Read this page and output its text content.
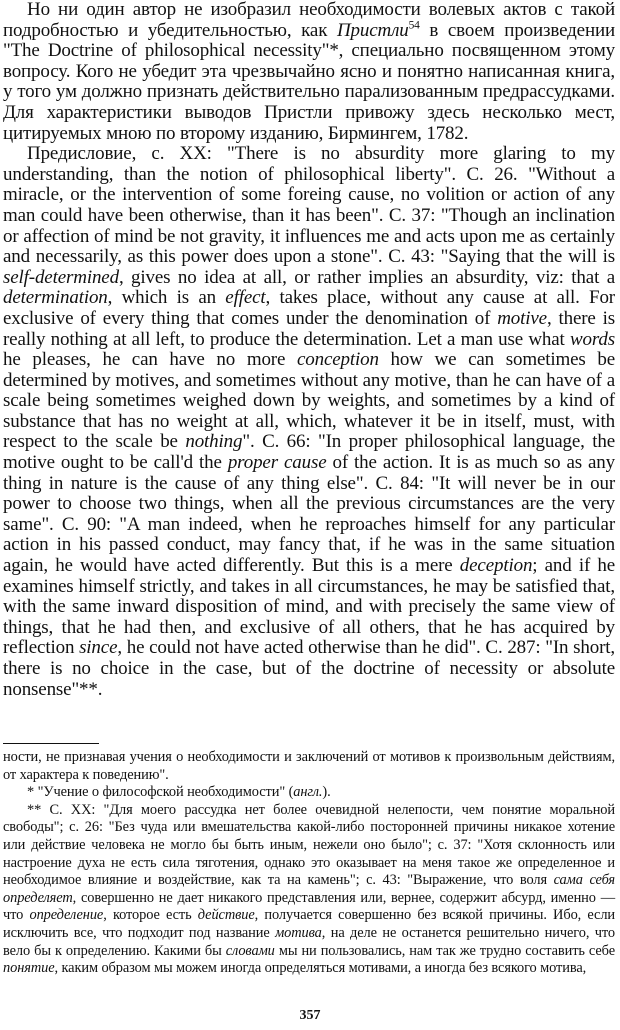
Но ни один автор не изобразил необходимости волевых актов с такой подробностью и убедительностью, как Пристли$^{54}$ в своем произведении "The Doctrine of philosophical necessity"*, специально посвященном этому вопросу. Кого не убедит эта чрезвычайно ясно и понятно написанная книга, у того ум должно признать действительно парализованным предрассудками. Для характеристики выводов Пристли привожу здесь несколько мест, цитируемых мною по второму изданию, Бирмингем, 1782.

Предисловие, с. XX: "There is no absurdity more glaring to my understanding, than the notion of philosophical liberty". С. 26. "Without a miracle, or the intervention of some foreing cause, no volition or action of any man could have been otherwise, than it has been". С. 37: "Though an inclination or affection of mind be not gravity, it influences me and acts upon me as certainly and necessarily, as this power does upon a stone". С. 43: "Saying that the will is self-determined, gives no idea at all, or rather implies an absurdity, viz: that a determination, which is an effect, takes place, without any cause at all. For exclusive of every thing that comes under the denomination of motive, there is really nothing at all left, to produce the determination. Let a man use what words he pleases, he can have no more conception how we can sometimes be determined by motives, and sometimes without any motive, than he can have of a scale being sometimes weighed down by weights, and sometimes by a kind of substance that has no weight at all, which, whatever it be in itself, must, with respect to the scale be nothing". С. 66: "In proper philosophical language, the motive ought to be call'd the proper cause of the action. It is as much so as any thing in nature is the cause of any thing else". С. 84: "It will never be in our power to choose two things, when all the previous circumstances are the very same". С. 90: "A man indeed, when he reproaches himself for any particular action in his passed conduct, may fancy that, if he was in the same situation again, he would have acted differently. But this is a mere deception; and if he examines himself strictly, and takes in all circumstances, he may be satisfied that, with the same inward disposition of mind, and with precisely the same view of things, that he had then, and exclusive of all others, that he has acquired by reflection since, he could not have acted otherwise than he did". С. 287: "In short, there is no choice in the case, but of the doctrine of necessity or absolute nonsense"**.

ности, не признавая учения о необходимости и заключений от мотивов к произвольным действиям, от характера к поведению".

* "Учение о философской необходимости" (англ.).

** С. XX: "Для моего рассудка нет более очевидной нелепости, чем понятие моральной свободы"; с. 26: "Без чуда или вмешательства какой-либо посторонней причины никакое хотение или действие человека не могло бы быть иным, нежели оно было"; с. 37: "Хотя склонность или настроение духа не есть сила тяготения, однако это оказывает на меня такое же определенное и необходимое влияние и воздействие, как та на камень"; с. 43: "Выражение, что воля сама себя определяет, совершенно не дает никакого представления или, вернее, содержит абсурд, именно — что определение, которое есть действие, получается совершенно без всякой причины. Ибо, если исключить все, что подходит под название мотива, на деле не останется решительно ничего, что вело бы к определению. Какими бы словами мы ни пользовались, нам так же трудно составить себе понятие, каким образом мы можем иногда определяться мотивами, а иногда без всякого мотива,

357
